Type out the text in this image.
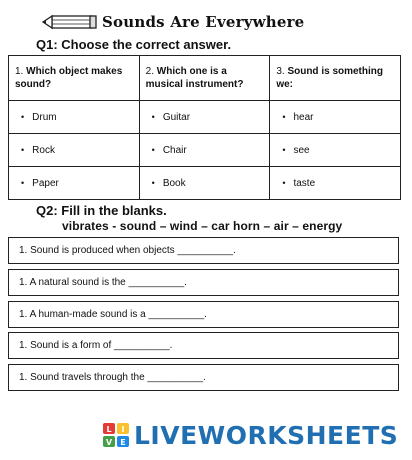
Sounds Are Everywhere
Q1: Choose the correct answer.
1. Which object makes sound?	2. Which one is a musical instrument?	3. Sound is something we:

• Drum	• Guitar	• hear

• Rock	• Chair	• see

• Paper	• Book	• taste
Q2: Fill in the blanks.
vibrates - sound – wind – car horn – air – energy
1. Sound is produced when objects __________.
1. A natural sound is the __________.
1. A human-made sound is a __________.
1. Sound is a form of __________.
1. Sound travels through the __________.
L I
V E LIVEWORKSHEETS
